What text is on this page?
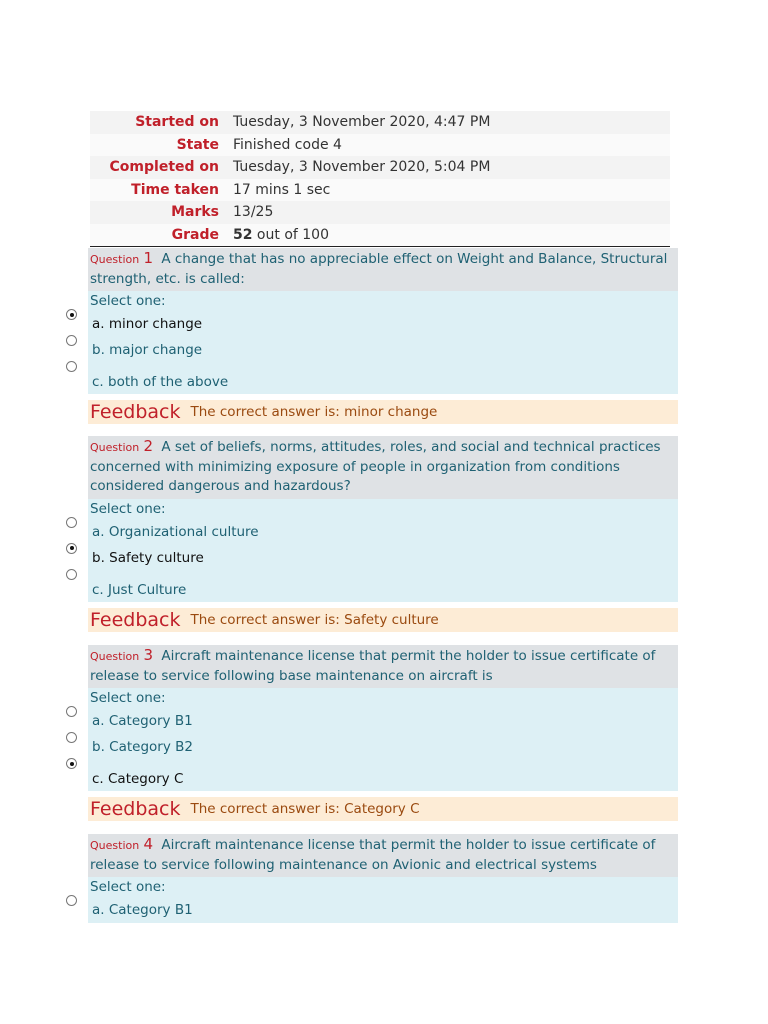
Started on	Tuesday, 3 November 2020, 4:47 PM
State	Finished code 4
Completed on	Tuesday, 3 November 2020, 5:04 PM
Time taken	17 mins 1 sec
Marks	13/25
Grade	52 out of 100
Question 1 A change that has no appreciable effect on Weight and Balance, Structural strength, etc. is called:
Select one:
a. minor change
b. major change
c. both of the above
Feedback The correct answer is: minor change
Question 2 A set of beliefs, norms, attitudes, roles, and social and technical practices concerned with minimizing exposure of people in organization from conditions considered dangerous and hazardous?
Select one:
a. Organizational culture
b. Safety culture
c. Just Culture
Feedback The correct answer is: Safety culture
Question 3 Aircraft maintenance license that permit the holder to issue certificate of release to service following base maintenance on aircraft is
Select one:
a. Category B1
b. Category B2
c. Category C
Feedback The correct answer is: Category C
Question 4 Aircraft maintenance license that permit the holder to issue certificate of release to service following maintenance on Avionic and electrical systems
Select one:
a. Category B1
